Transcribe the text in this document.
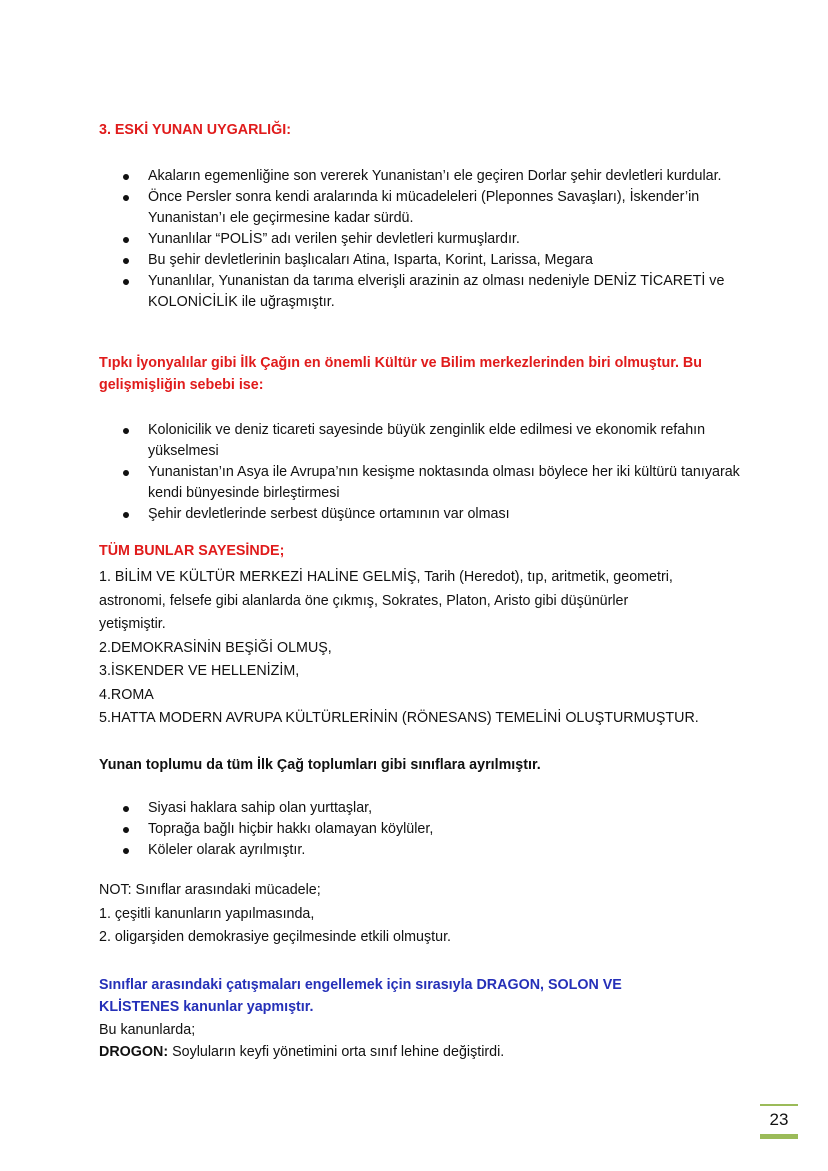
3. ESKİ YUNAN UYGARLIĞI:
Akaların egemenliğine son vererek Yunanistan’ı ele geçiren Dorlar şehir devletleri kurdular.
Önce Persler sonra kendi aralarında ki mücadeleleri (Pleponnes Savaşları), İskender’in Yunanistan’ı ele geçirmesine kadar sürdü.
Yunanlılar “POLİS” adı verilen şehir devletleri kurmuşlardır.
Bu şehir devletlerinin başlıcaları Atina, Isparta, Korint, Larissa, Megara
Yunanlılar, Yunanistan da tarıma elverişli arazinin az olması nedeniyle DENİZ TİCARETİ ve KOLONİCİLİK ile uğraşmıştır.
Tıpkı İyonyalılar gibi İlk Çağın en önemli Kültür ve Bilim merkezlerinden biri olmuştur. Bu
gelişmişliğin sebebi ise:
Kolonicilik ve deniz ticareti sayesinde büyük zenginlik elde edilmesi ve ekonomik refahın yükselmesi
Yunanistan’ın Asya ile Avrupa’nın kesişme noktasında olması böylece her iki kültürü tanıyarak kendi bünyesinde birleştirmesi
Şehir devletlerinde serbest düşünce ortamının var olması
TÜM BUNLAR SAYESİNDE;
1. BİLİM VE KÜLTÜR MERKEZİ HALİNE GELMİŞ, Tarih (Heredot), tıp, aritmetik, geometri,
astronomi, felsefe gibi alanlarda öne çıkmış, Sokrates, Platon, Aristo gibi düşünürler
yetişmiştir.
2.DEMOKRASİNİN BEŞİĞİ OLMUŞ,
3.İSKENDER VE HELLENİZİM,
4.ROMA
5.HATTA MODERN AVRUPA KÜLTÜRLERİNİN (RÖNESANS) TEMELİNİ OLUŞTURMUŞTUR.
Yunan toplumu da tüm İlk Çağ toplumları gibi sınıflara ayrılmıştır.
Siyasi haklara sahip olan yurttaşlar,
Toprağa bağlı hiçbir hakkı olamayan köylüler,
Köleler olarak ayrılmıştır.
NOT: Sınıflar arasındaki mücadele;
1. çeşitli kanunların yapılmasında,
2. oligarşiden demokrasiye geçilmesinde etkili olmuştur.
Sınıflar arasındaki çatışmaları engellemek için sırasıyla DRAGON, SOLON VE
KLİSTENES kanunlar yapmıştır.
Bu kanunlarda;
DROGON: Soyluların keyfi yönetimini orta sınıf lehine değiştirdi.
23
